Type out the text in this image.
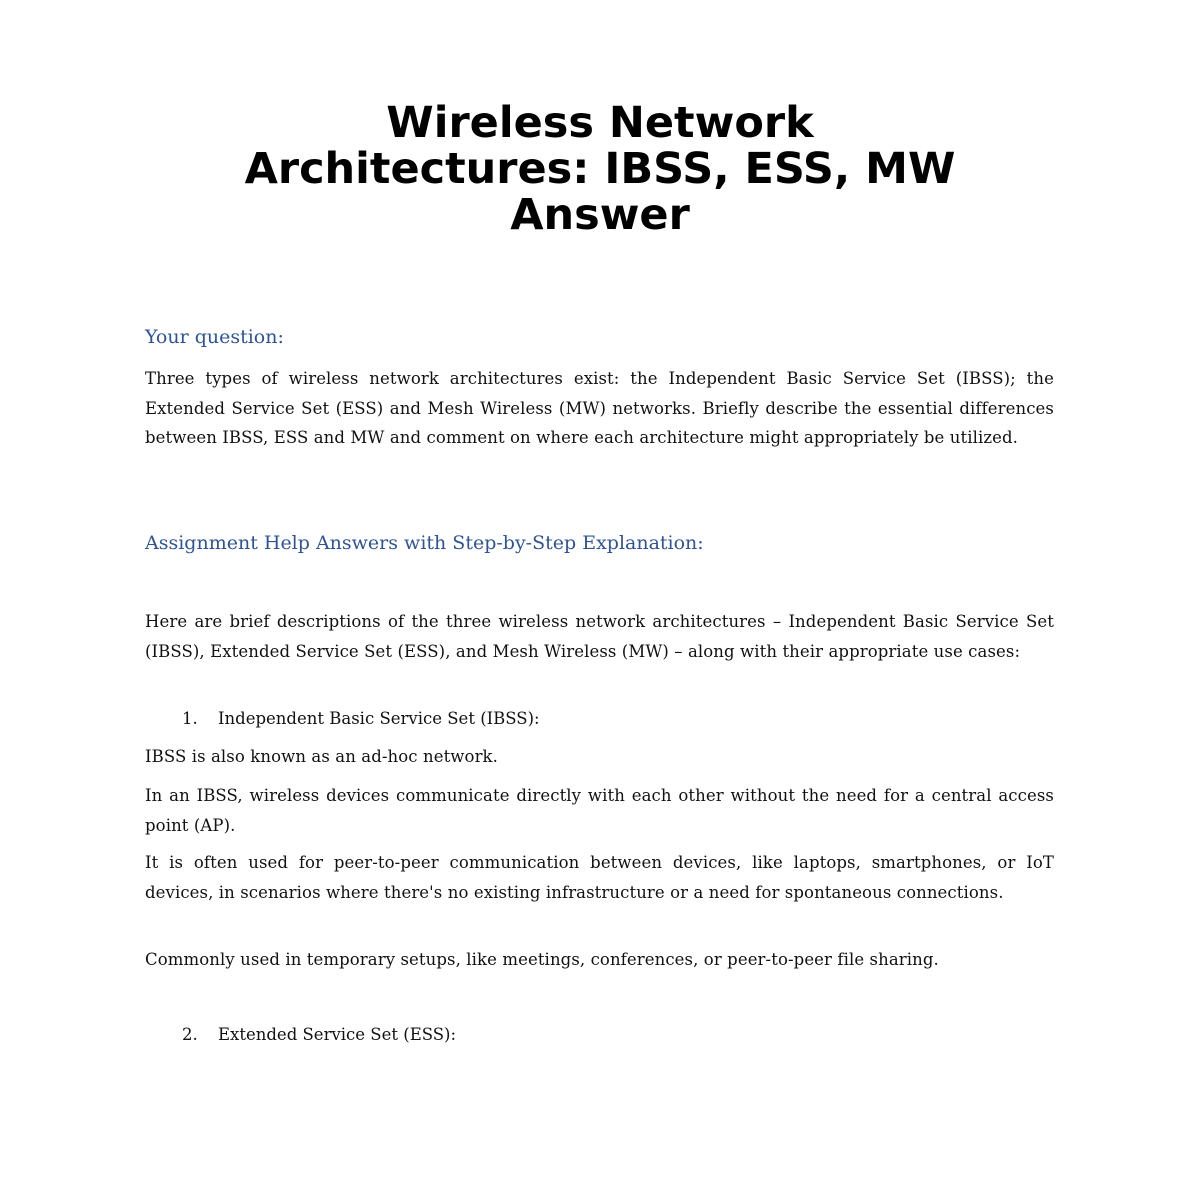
Wireless Network
Architectures: IBSS, ESS, MW
Answer
Your question:

Three types of wireless network architectures exist: the Independent Basic Service Set (IBSS); the Extended Service Set (ESS) and Mesh Wireless (MW) networks. Briefly describe the essential differences between IBSS, ESS and MW and comment on where each architecture might appropriately be utilized.

Assignment Help Answers with Step-by-Step Explanation:

Here are brief descriptions of the three wireless network architectures – Independent Basic Service Set (IBSS), Extended Service Set (ESS), and Mesh Wireless (MW) – along with their appropriate use cases:

1. Independent Basic Service Set (IBSS):

IBSS is also known as an ad-hoc network.

In an IBSS, wireless devices communicate directly with each other without the need for a central access point (AP).

It is often used for peer-to-peer communication between devices, like laptops, smartphones, or IoT devices, in scenarios where there's no existing infrastructure or a need for spontaneous connections.

Commonly used in temporary setups, like meetings, conferences, or peer-to-peer file sharing.

2. Extended Service Set (ESS):
